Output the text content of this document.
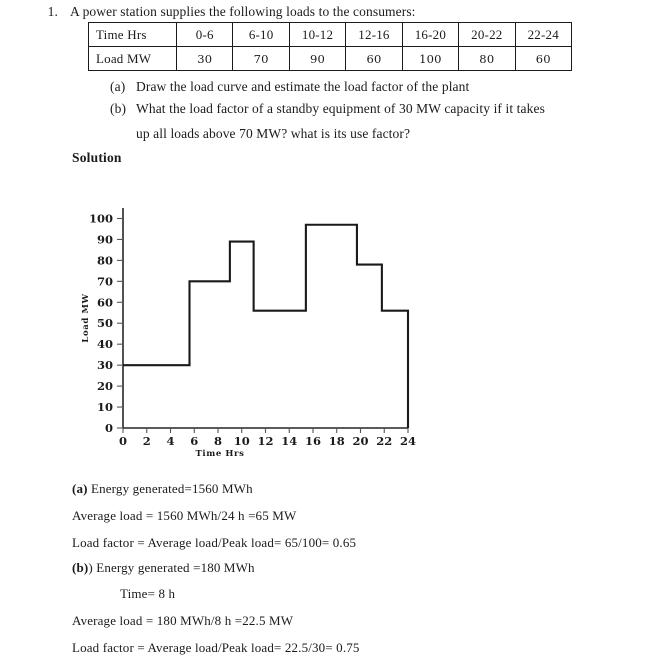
1. A power station supplies the following loads to the consumers:
Time Hrs	0-6	6-10	10-12	12-16	16-20	20-22	22-24
Load MW	30	70	90	60	100	80	60
(a) Draw the load curve and estimate the load factor of the plant
(b) What the load factor of a standby equipment of 30 MW capacity if it takes
up all loads above 70 MW? what is its use factor?
Solution
0
10
20
30
40
50
60
70
80
90
100
0 2 4 6 8 10 12 14 16 18 20 22 24
Load MW
Time Hrs
(a) Energy generated=1560 MWh
Average load = 1560 MWh/24 h =65 MW
Load factor = Average load/Peak load= 65/100= 0.65
(b)) Energy generated =180 MWh
Time= 8 h
Average load = 180 MWh/8 h =22.5 MW
Load factor = Average load/Peak load= 22.5/30= 0.75
